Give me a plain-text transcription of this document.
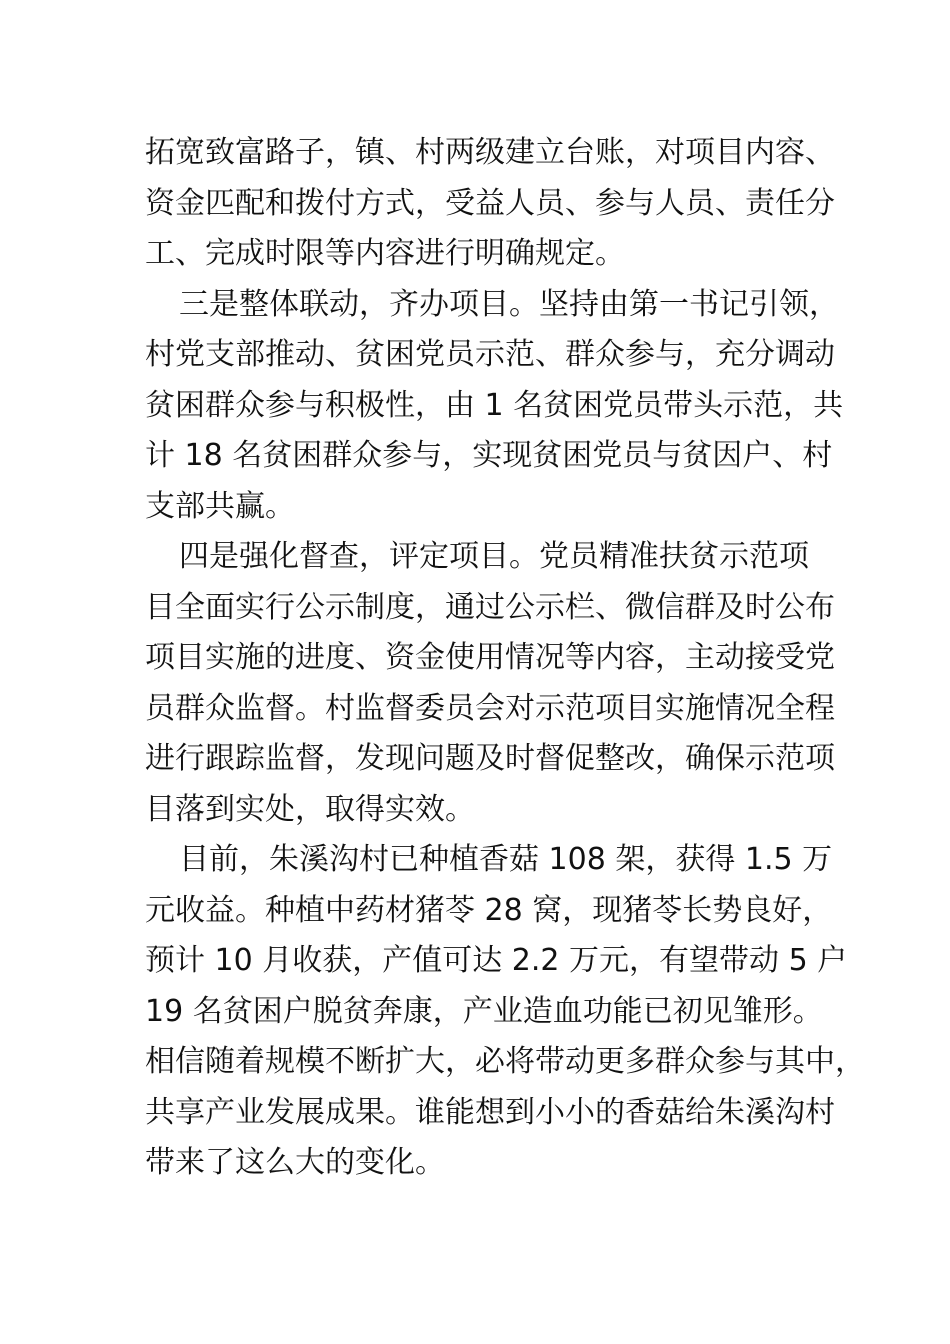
拓宽致富路子，镇、村两级建立台账，对项目内容、
资金匹配和拨付方式，受益人员、参与人员、责任分
工、完成时限等内容进行明确规定。
三是整体联动，齐办项目。坚持由第一书记引领，
村党支部推动、贫困党员示范、群众参与，充分调动
贫困群众参与积极性，由 1 名贫困党员带头示范，共
计 18 名贫困群众参与，实现贫困党员与贫因户、村
支部共赢。
四是强化督查，评定项目。党员精准扶贫示范项
目全面实行公示制度，通过公示栏、微信群及时公布
项目实施的进度、资金使用情况等内容，主动接受党
员群众监督。村监督委员会对示范项目实施情况全程
进行跟踪监督，发现问题及时督促整改，确保示范项
目落到实处，取得实效。
目前，朱溪沟村已种植香菇 108 架，获得 1.5 万
元收益。种植中药材猪苓 28 窝，现猪苓长势良好，
预计 10 月收获，产值可达 2.2 万元，有望带动 5 户
19 名贫困户脱贫奔康，产业造血功能已初见雏形。
相信随着规模不断扩大，必将带动更多群众参与其中，
共享产业发展成果。谁能想到小小的香菇给朱溪沟村
带来了这么大的变化。
